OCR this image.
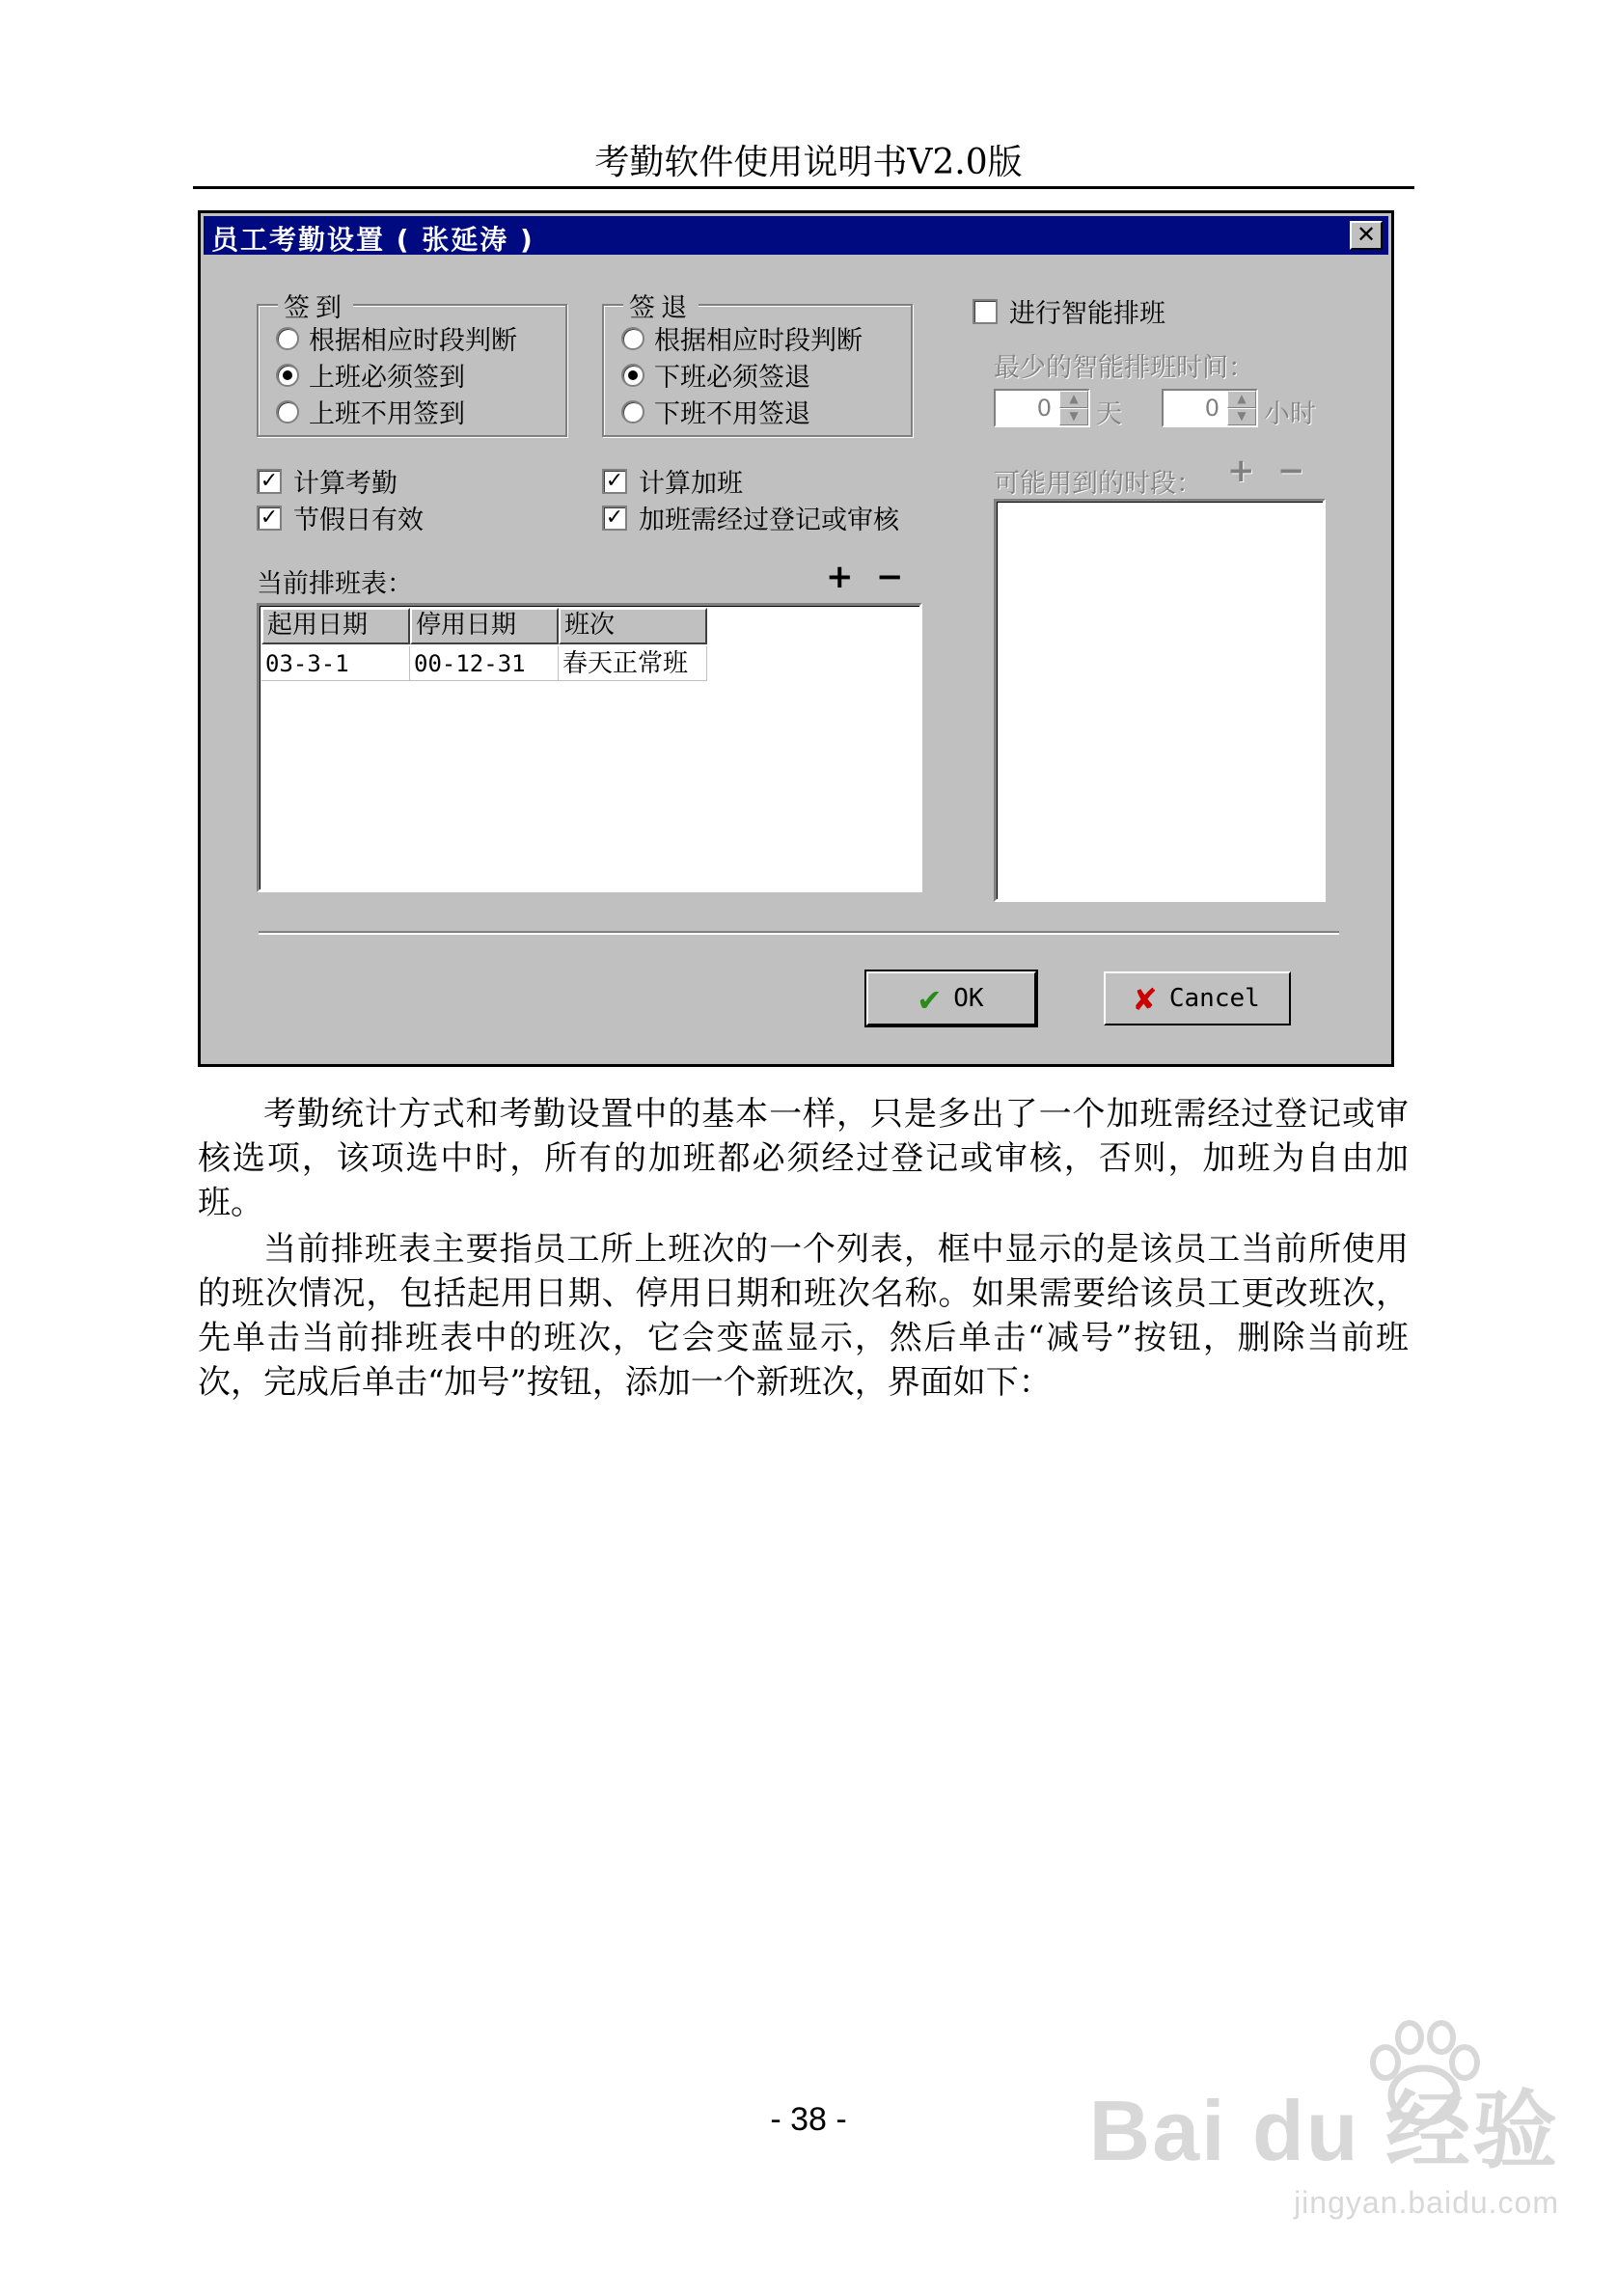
考勤软件使用说明书V2.0版
员工考勤设置 ( 张延涛 )	✕
签到
根据相应时段判断
上班必须签到
上班不用签到
签退
根据相应时段判断
下班必须签退
下班不用签退
✓ 计算考勤
✓ 节假日有效
✓ 计算加班
✓ 加班需经过登记或审核
当前排班表：	+ −
起用日期	停用日期	班次
03-3-1	00-12-31	春天正常班
进行智能排班
最少的智能排班时间：
0	▲
▼ 天	0	▲
▼ 小时
可能用到的时段： + −
✔ OK	✘ Cancel

考勤统计方式和考勤设置中的基本一样，只是多出了一个加班需经过登记或审核选项，该项选中时，所有的加班都必须经过登记或审核，否则，加班为自由加班。

当前排班表主要指员工所上班次的一个列表，框中显示的是该员工当前所使用的班次情况，包括起用日期、停用日期和班次名称。如果需要给该员工更改班次，先单击当前排班表中的班次，它会变蓝显示，然后单击“减号”按钮，删除当前班次，完成后单击“加号”按钮，添加一个新班次，界面如下：

- 38 -	Bai du 经验
jingyan.baidu.com
